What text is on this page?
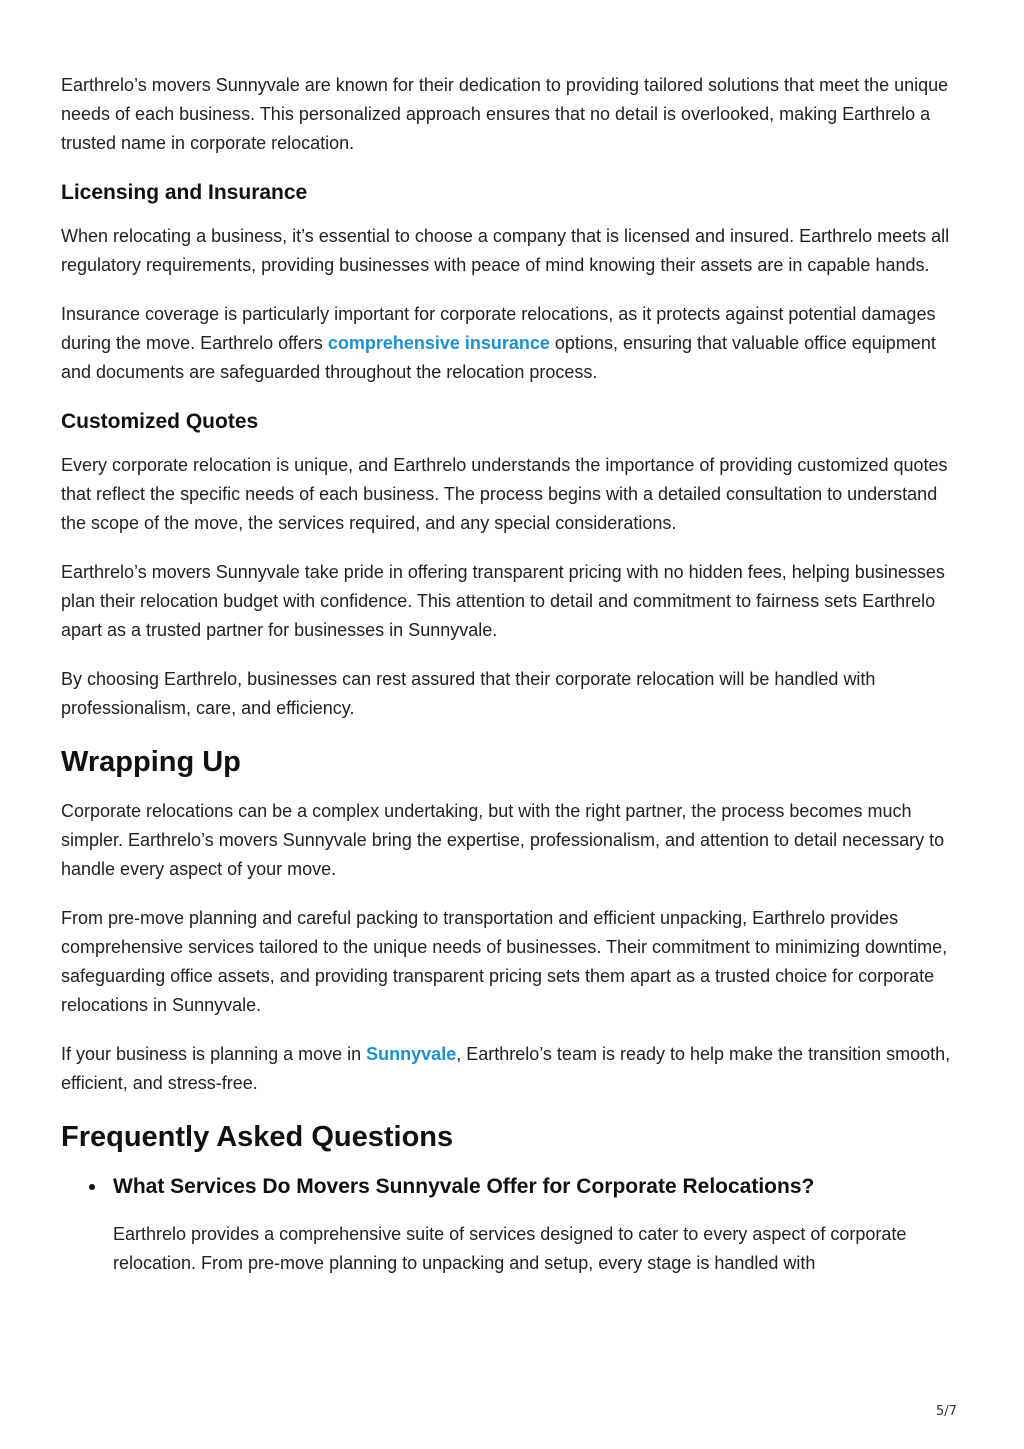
Earthrelo’s movers Sunnyvale are known for their dedication to providing tailored solutions that meet the unique needs of each business. This personalized approach ensures that no detail is overlooked, making Earthrelo a trusted name in corporate relocation.

Licensing and Insurance

When relocating a business, it’s essential to choose a company that is licensed and insured. Earthrelo meets all regulatory requirements, providing businesses with peace of mind knowing their assets are in capable hands.

Insurance coverage is particularly important for corporate relocations, as it protects against potential damages during the move. Earthrelo offers comprehensive insurance options, ensuring that valuable office equipment and documents are safeguarded throughout the relocation process.

Customized Quotes

Every corporate relocation is unique, and Earthrelo understands the importance of providing customized quotes that reflect the specific needs of each business. The process begins with a detailed consultation to understand the scope of the move, the services required, and any special considerations.

Earthrelo’s movers Sunnyvale take pride in offering transparent pricing with no hidden fees, helping businesses plan their relocation budget with confidence. This attention to detail and commitment to fairness sets Earthrelo apart as a trusted partner for businesses in Sunnyvale.

By choosing Earthrelo, businesses can rest assured that their corporate relocation will be handled with professionalism, care, and efficiency.

Wrapping Up

Corporate relocations can be a complex undertaking, but with the right partner, the process becomes much simpler. Earthrelo’s movers Sunnyvale bring the expertise, professionalism, and attention to detail necessary to handle every aspect of your move.

From pre-move planning and careful packing to transportation and efficient unpacking, Earthrelo provides comprehensive services tailored to the unique needs of businesses. Their commitment to minimizing downtime, safeguarding office assets, and providing transparent pricing sets them apart as a trusted choice for corporate relocations in Sunnyvale.

If your business is planning a move in Sunnyvale, Earthrelo’s team is ready to help make the transition smooth, efficient, and stress-free.

Frequently Asked Questions
What Services Do Movers Sunnyvale Offer for Corporate Relocations?

Earthrelo provides a comprehensive suite of services designed to cater to every aspect of corporate relocation. From pre-move planning to unpacking and setup, every stage is handled with

5/7
